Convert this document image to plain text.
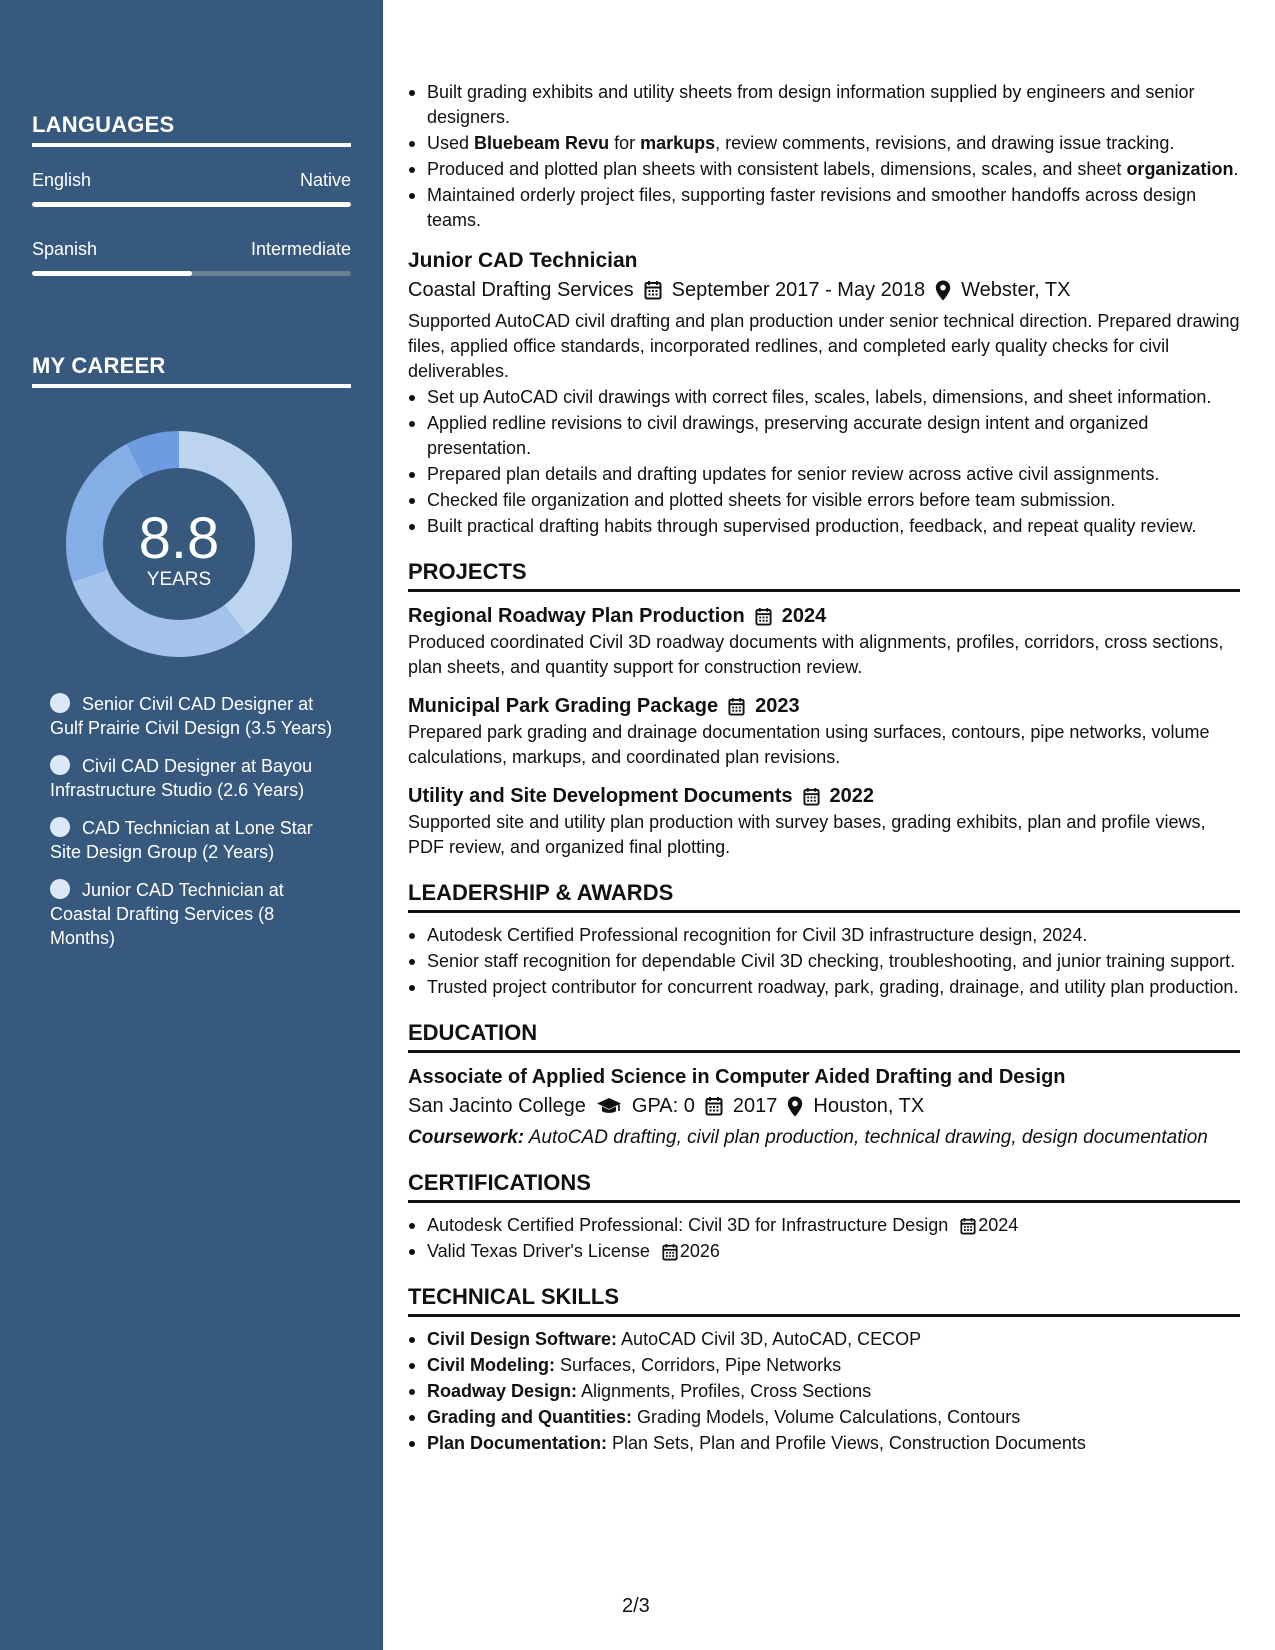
LANGUAGES
English	Native
Spanish	Intermediate
MY CAREER
8.8
YEARS
Senior Civil CAD Designer at Gulf Prairie Civil Design (3.5 Years)
Civil CAD Designer at Bayou Infrastructure Studio (2.6 Years)
CAD Technician at Lone Star Site Design Group (2 Years)
Junior CAD Technician at Coastal Drafting Services (8 Months)
Built grading exhibits and utility sheets from design information supplied by engineers and senior designers.
Used Bluebeam Revu for markups, review comments, revisions, and drawing issue tracking.
Produced and plotted plan sheets with consistent labels, dimensions, scales, and sheet organization.
Maintained orderly project files, supporting faster revisions and smoother handoffs across design teams.
Junior CAD Technician
Coastal Drafting Services September 2017 - May 2018 Webster, TX
Supported AutoCAD civil drafting and plan production under senior technical direction. Prepared drawing files, applied office standards, incorporated redlines, and completed early quality checks for civil deliverables.
Set up AutoCAD civil drawings with correct files, scales, labels, dimensions, and sheet information.
Applied redline revisions to civil drawings, preserving accurate design intent and organized presentation.
Prepared plan details and drafting updates for senior review across active civil assignments.
Checked file organization and plotted sheets for visible errors before team submission.
Built practical drafting habits through supervised production, feedback, and repeat quality review.
PROJECTS
Regional Roadway Plan Production 2024
Produced coordinated Civil 3D roadway documents with alignments, profiles, corridors, cross sections, plan sheets, and quantity support for construction review.
Municipal Park Grading Package 2023
Prepared park grading and drainage documentation using surfaces, contours, pipe networks, volume calculations, markups, and coordinated plan revisions.
Utility and Site Development Documents 2022
Supported site and utility plan production with survey bases, grading exhibits, plan and profile views, PDF review, and organized final plotting.
LEADERSHIP & AWARDS
Autodesk Certified Professional recognition for Civil 3D infrastructure design, 2024.
Senior staff recognition for dependable Civil 3D checking, troubleshooting, and junior training support.
Trusted project contributor for concurrent roadway, park, grading, drainage, and utility plan production.
EDUCATION
Associate of Applied Science in Computer Aided Drafting and Design
San Jacinto College GPA: 0 2017 Houston, TX
Coursework: AutoCAD drafting, civil plan production, technical drawing, design documentation
CERTIFICATIONS
Autodesk Certified Professional: Civil 3D for Infrastructure Design 2024
Valid Texas Driver's License 2026
TECHNICAL SKILLS
Civil Design Software: AutoCAD Civil 3D, AutoCAD, CECOP
Civil Modeling: Surfaces, Corridors, Pipe Networks
Roadway Design: Alignments, Profiles, Cross Sections
Grading and Quantities: Grading Models, Volume Calculations, Contours
Plan Documentation: Plan Sets, Plan and Profile Views, Construction Documents
2/3
